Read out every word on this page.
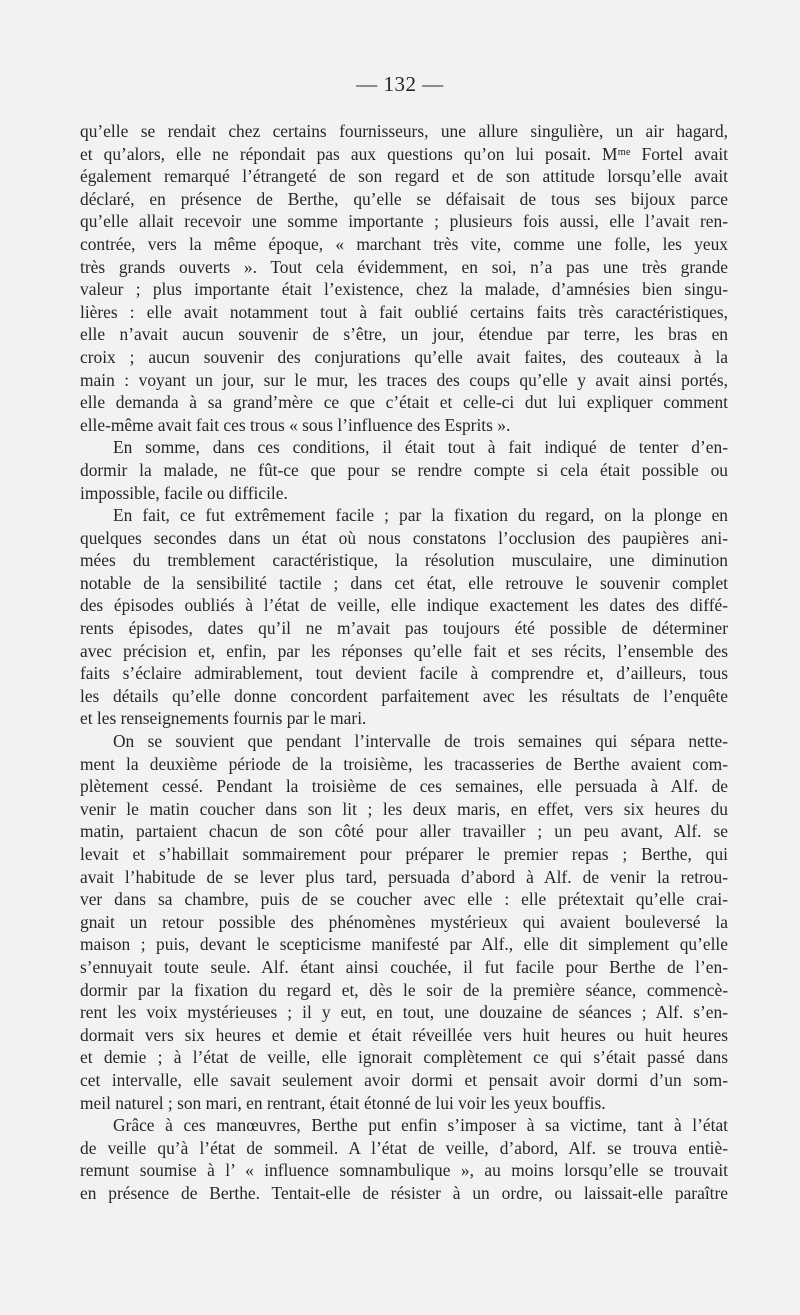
— 132 —
qu’elle se rendait chez certains fournisseurs, une allure singulière, un air hagard,
et qu’alors, elle ne répondait pas aux questions qu’on lui posait. Mᵐᵉ Fortel avait
également remarqué l’étrangeté de son regard et de son attitude lorsqu’elle avait
déclaré, en présence de Berthe, qu’elle se défaisait de tous ses bijoux parce
qu’elle allait recevoir une somme importante ; plusieurs fois aussi, elle l’avait ren-
contrée, vers la même époque, « marchant très vite, comme une folle, les yeux
très grands ouverts ». Tout cela évidemment, en soi, n’a pas une très grande
valeur ; plus importante était l’existence, chez la malade, d’amnésies bien singu-
lières : elle avait notamment tout à fait oublié certains faits très caractéristiques,
elle n’avait aucun souvenir de s’être, un jour, étendue par terre, les bras en
croix ; aucun souvenir des conjurations qu’elle avait faites, des couteaux à la
main : voyant un jour, sur le mur, les traces des coups qu’elle y avait ainsi portés,
elle demanda à sa grand’mère ce que c’était et celle-ci dut lui expliquer comment
elle-même avait fait ces trous « sous l’influence des Esprits ».
En somme, dans ces conditions, il était tout à fait indiqué de tenter d’en-
dormir la malade, ne fût-ce que pour se rendre compte si cela était possible ou
impossible, facile ou difficile.
En fait, ce fut extrêmement facile ; par la fixation du regard, on la plonge en
quelques secondes dans un état où nous constatons l’occlusion des paupières ani-
mées du tremblement caractéristique, la résolution musculaire, une diminution
notable de la sensibilité tactile ; dans cet état, elle retrouve le souvenir complet
des épisodes oubliés à l’état de veille, elle indique exactement les dates des diffé-
rents épisodes, dates qu’il ne m’avait pas toujours été possible de déterminer
avec précision et, enfin, par les réponses qu’elle fait et ses récits, l’ensemble des
faits s’éclaire admirablement, tout devient facile à comprendre et, d’ailleurs, tous
les détails qu’elle donne concordent parfaitement avec les résultats de l’enquête
et les renseignements fournis par le mari.
On se souvient que pendant l’intervalle de trois semaines qui sépara nette-
ment la deuxième période de la troisième, les tracasseries de Berthe avaient com-
plètement cessé. Pendant la troisième de ces semaines, elle persuada à Alf. de
venir le matin coucher dans son lit ; les deux maris, en effet, vers six heures du
matin, partaient chacun de son côté pour aller travailler ; un peu avant, Alf. se
levait et s’habillait sommairement pour préparer le premier repas ; Berthe, qui
avait l’habitude de se lever plus tard, persuada d’abord à Alf. de venir la retrou-
ver dans sa chambre, puis de se coucher avec elle : elle prétextait qu’elle crai-
gnait un retour possible des phénomènes mystérieux qui avaient bouleversé la
maison ; puis, devant le scepticisme manifesté par Alf., elle dit simplement qu’elle
s’ennuyait toute seule. Alf. étant ainsi couchée, il fut facile pour Berthe de l’en-
dormir par la fixation du regard et, dès le soir de la première séance, commencè-
rent les voix mystérieuses ; il y eut, en tout, une douzaine de séances ; Alf. s’en-
dormait vers six heures et demie et était réveillée vers huit heures ou huit heures
et demie ; à l’état de veille, elle ignorait complètement ce qui s’était passé dans
cet intervalle, elle savait seulement avoir dormi et pensait avoir dormi d’un som-
meil naturel ; son mari, en rentrant, était étonné de lui voir les yeux bouffis.
Grâce à ces manœuvres, Berthe put enfin s’imposer à sa victime, tant à l’état
de veille qu’à l’état de sommeil. A l’état de veille, d’abord, Alf. se trouva entiè-
remunt soumise à l’ « influence somnambulique », au moins lorsqu’elle se trouvait
en présence de Berthe. Tentait-elle de résister à un ordre, ou laissait-elle paraître
